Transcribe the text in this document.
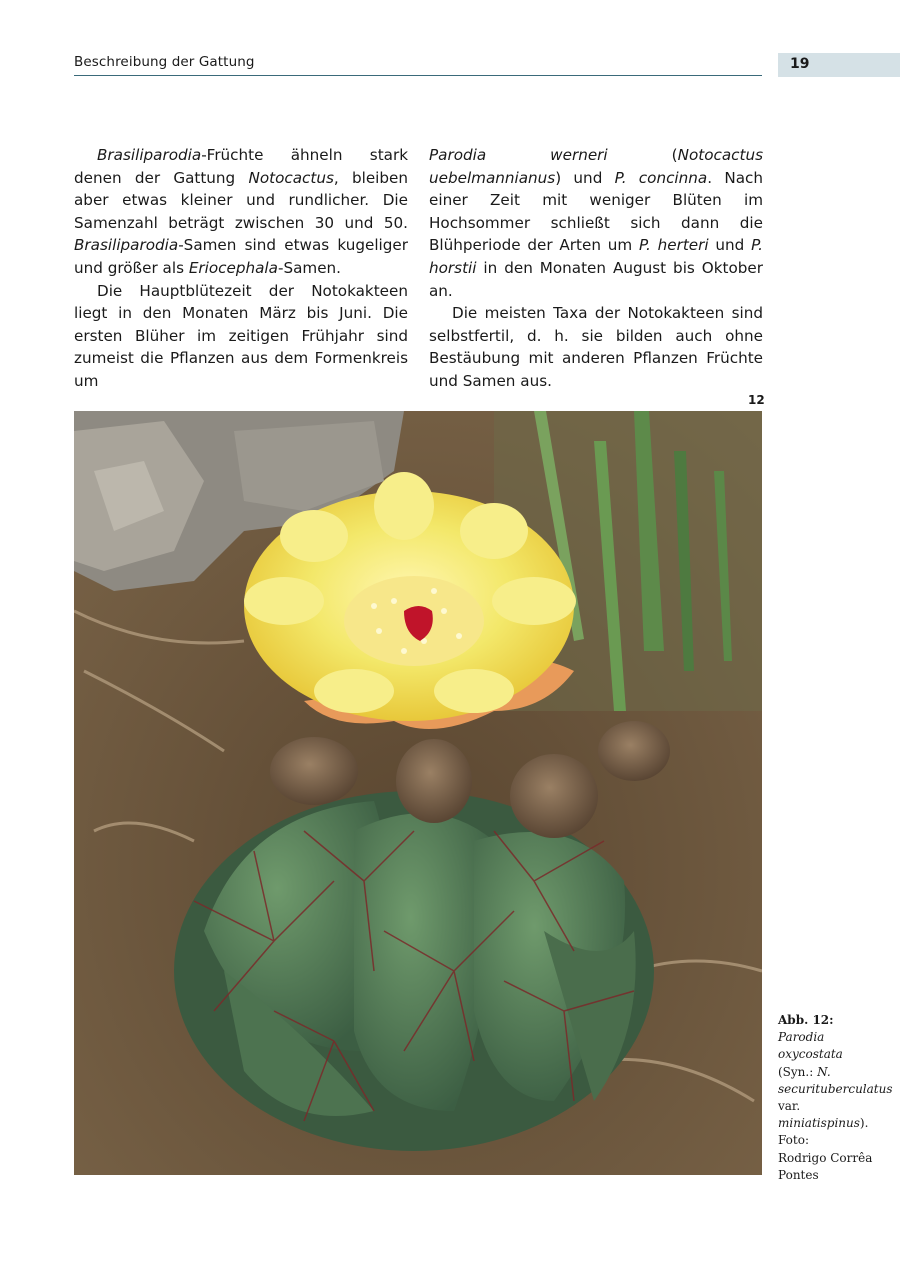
Beschreibung der Gattung	19

Brasiliparodia-Früchte ähneln stark denen der Gattung Notocactus, bleiben aber etwas kleiner und rundlicher. Die Samenzahl beträgt zwischen 30 und 50. Brasiliparodia-Samen sind etwas kugeliger und größer als Eriocephala-Samen.

Die Hauptblütezeit der Notokakteen liegt in den Monaten März bis Juni. Die ersten Blüher im zeitigen Frühjahr sind zumeist die Pflanzen aus dem Formenkreis um

Parodia werneri (Notocactus uebelmannianus) und P. concinna. Nach einer Zeit mit weniger Blüten im Hochsommer schließt sich dann die Blühperiode der Arten um P. herteri und P. horstii in den Monaten August bis Oktober an.

Die meisten Taxa der Notokakteen sind selbstfertil, d. h. sie bilden auch ohne Bestäubung mit anderen Pflanzen Früchte und Samen aus.

12
Abb. 12:
Parodia oxycostata
(Syn.: N. securituberculatus var. miniatispinus).
Foto:
Rodrigo Corrêa Pontes
